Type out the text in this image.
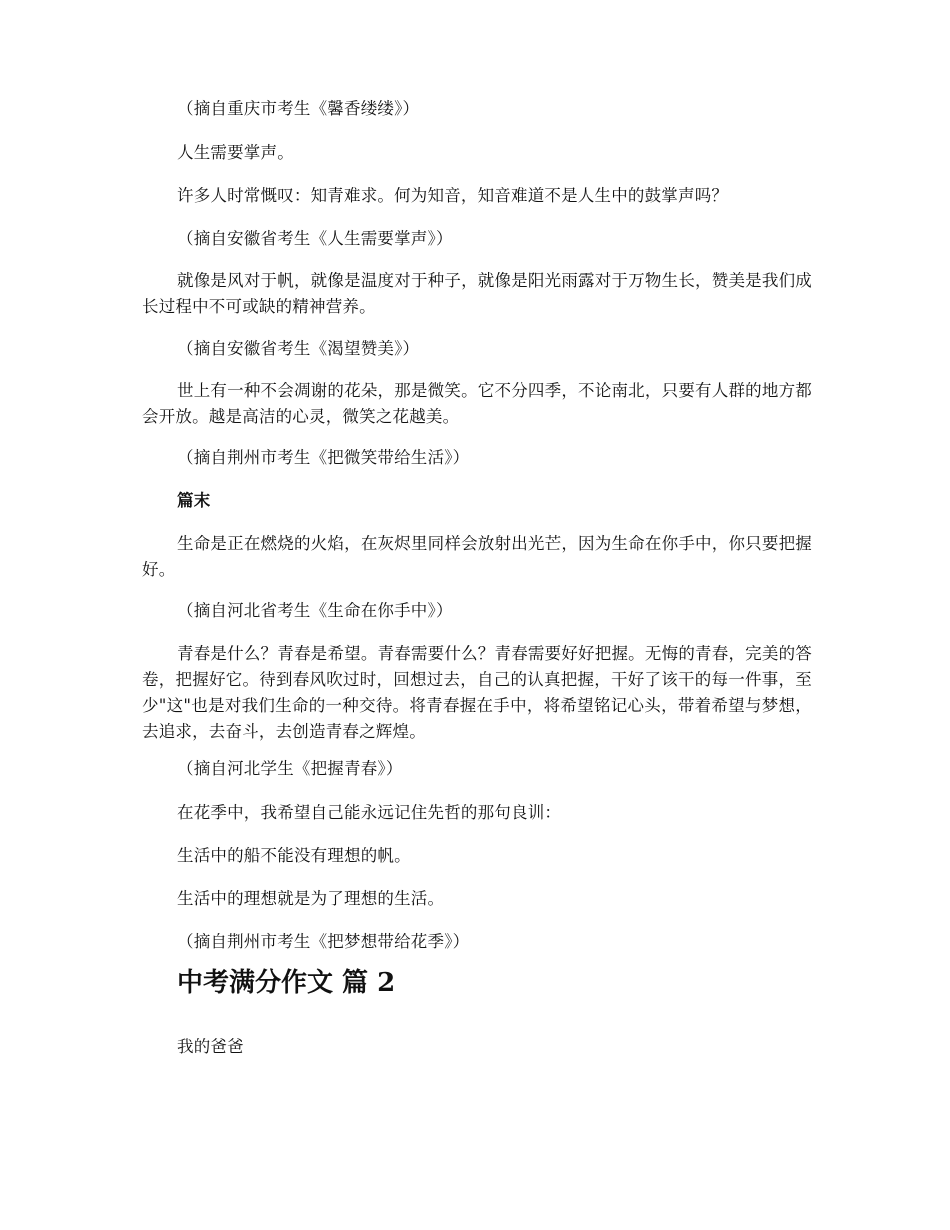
（摘自重庆市考生《馨香缕缕》）

人生需要掌声。

许多人时常慨叹：知青难求。何为知音，知音难道不是人生中的鼓掌声吗？

（摘自安徽省考生《人生需要掌声》）

就像是风对于帆，就像是温度对于种子，就像是阳光雨露对于万物生长，赞美是我们成长过程中不可或缺的精神营养。

（摘自安徽省考生《渴望赞美》）

世上有一种不会凋谢的花朵，那是微笑。它不分四季，不论南北，只要有人群的地方都会开放。越是高洁的心灵，微笑之花越美。

（摘自荆州市考生《把微笑带给生活》）

篇末

生命是正在燃烧的火焰，在灰烬里同样会放射出光芒，因为生命在你手中，你只要把握好。

（摘自河北省考生《生命在你手中》）

青春是什么？青春是希望。青春需要什么？青春需要好好把握。无悔的青春，完美的答卷，把握好它。待到春风吹过时，回想过去，自己的认真把握，干好了该干的每一件事，至少"这"也是对我们生命的一种交待。将青春握在手中，将希望铭记心头，带着希望与梦想，去追求，去奋斗，去创造青春之辉煌。

（摘自河北学生《把握青春》）

在花季中，我希望自己能永远记住先哲的那句良训：

生活中的船不能没有理想的帆。

生活中的理想就是为了理想的生活。

（摘自荆州市考生《把梦想带给花季》）

中考满分作文 篇 2

我的爸爸
